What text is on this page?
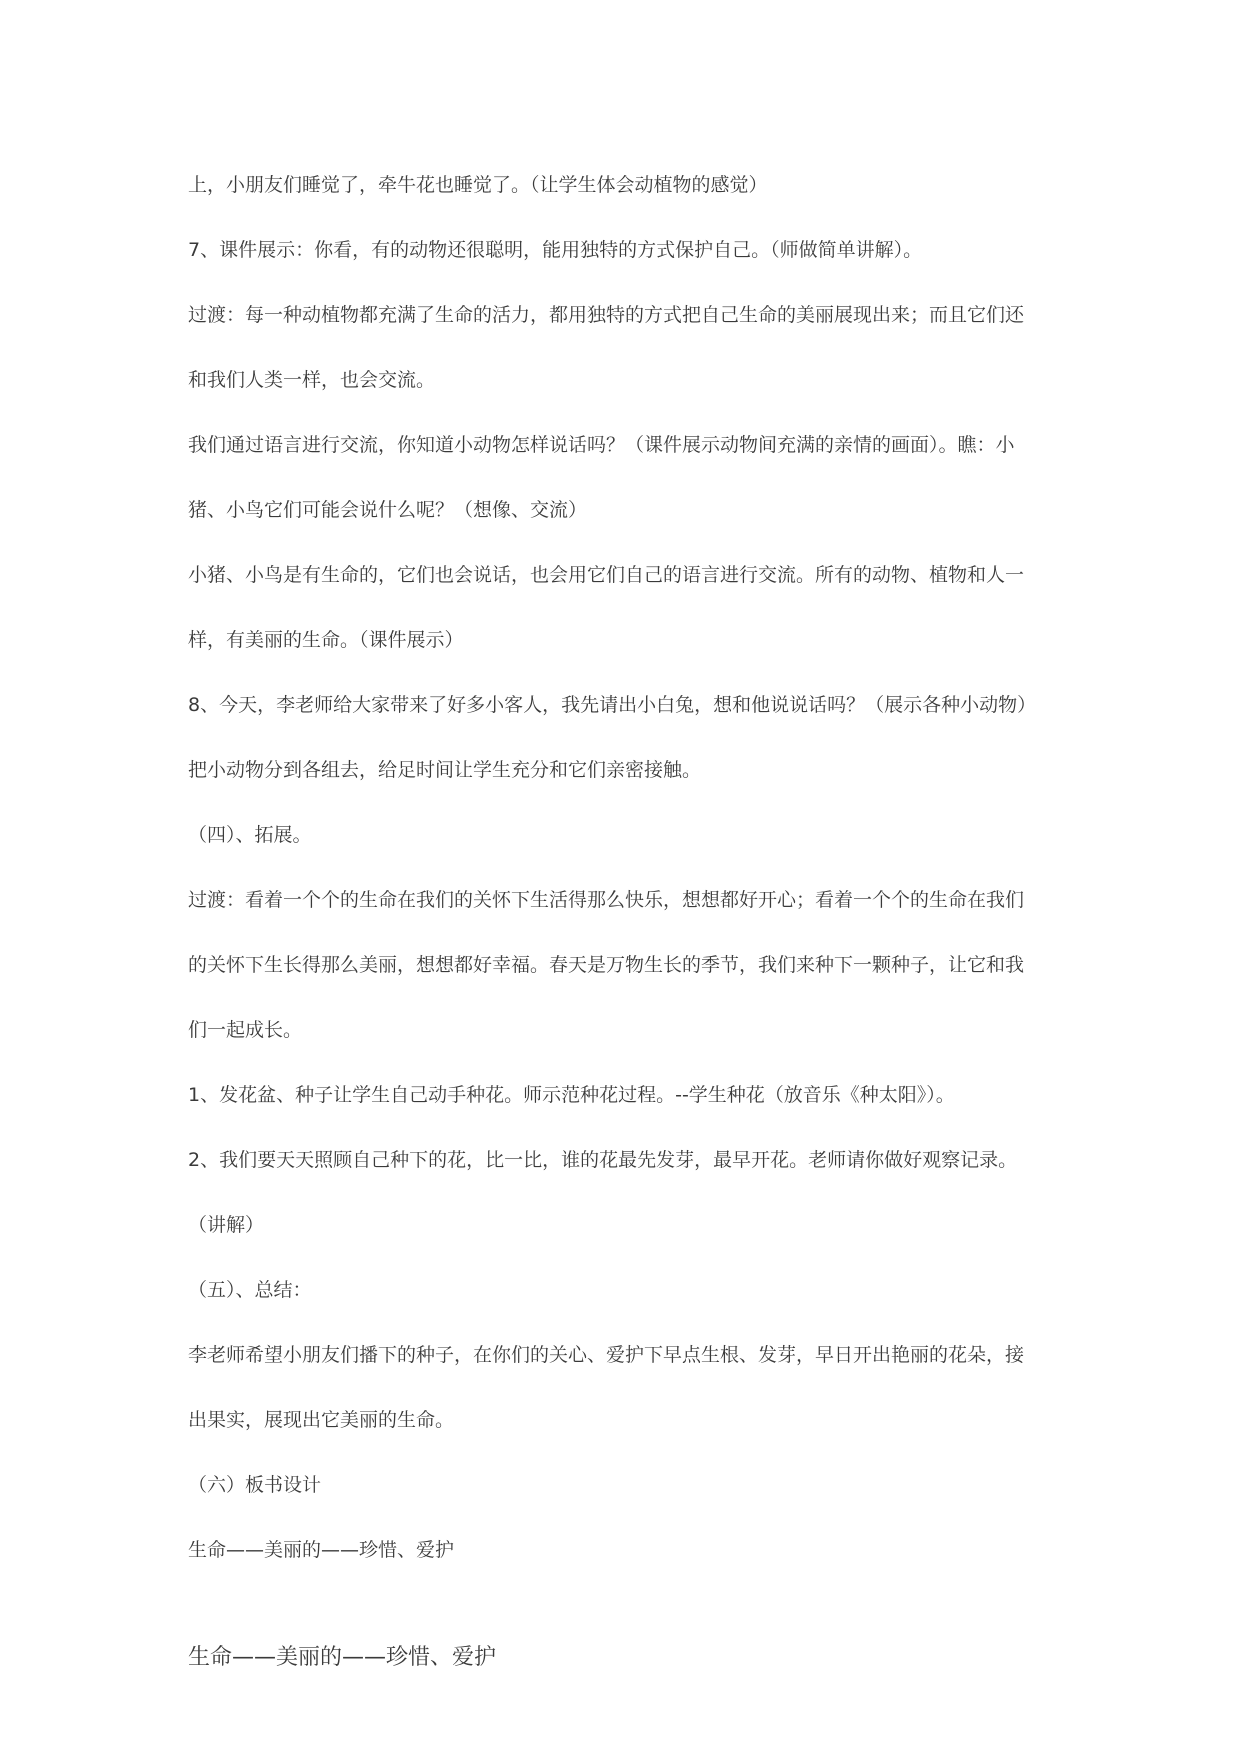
上，小朋友们睡觉了，牵牛花也睡觉了。（让学生体会动植物的感觉）
7、课件展示：你看，有的动物还很聪明，能用独特的方式保护自己。（师做简单讲解）。
过渡：每一种动植物都充满了生命的活力，都用独特的方式把自己生命的美丽展现出来；而且它们还
和我们人类一样，也会交流。
我们通过语言进行交流，你知道小动物怎样说话吗？（课件展示动物间充满的亲情的画面）。瞧：小
猪、小鸟它们可能会说什么呢？（想像、交流）
小猪、小鸟是有生命的，它们也会说话，也会用它们自己的语言进行交流。所有的动物、植物和人一
样，有美丽的生命。（课件展示）
8、今天，李老师给大家带来了好多小客人，我先请出小白兔，想和他说说话吗？（展示各种小动物）
把小动物分到各组去，给足时间让学生充分和它们亲密接触。
（四）、拓展。
过渡：看着一个个的生命在我们的关怀下生活得那么快乐，想想都好开心；看着一个个的生命在我们
的关怀下生长得那么美丽，想想都好幸福。春天是万物生长的季节，我们来种下一颗种子，让它和我
们一起成长。
1、发花盆、种子让学生自己动手种花。师示范种花过程。--学生种花（放音乐《种太阳》）。
2、我们要天天照顾自己种下的花，比一比，谁的花最先发芽，最早开花。老师请你做好观察记录。
（讲解）
（五）、总结：
李老师希望小朋友们播下的种子，在你们的关心、爱护下早点生根、发芽，早日开出艳丽的花朵，接
出果实，展现出它美丽的生命。
（六）板书设计
生命——美丽的——珍惜、爱护
生命——美丽的——珍惜、爱护
